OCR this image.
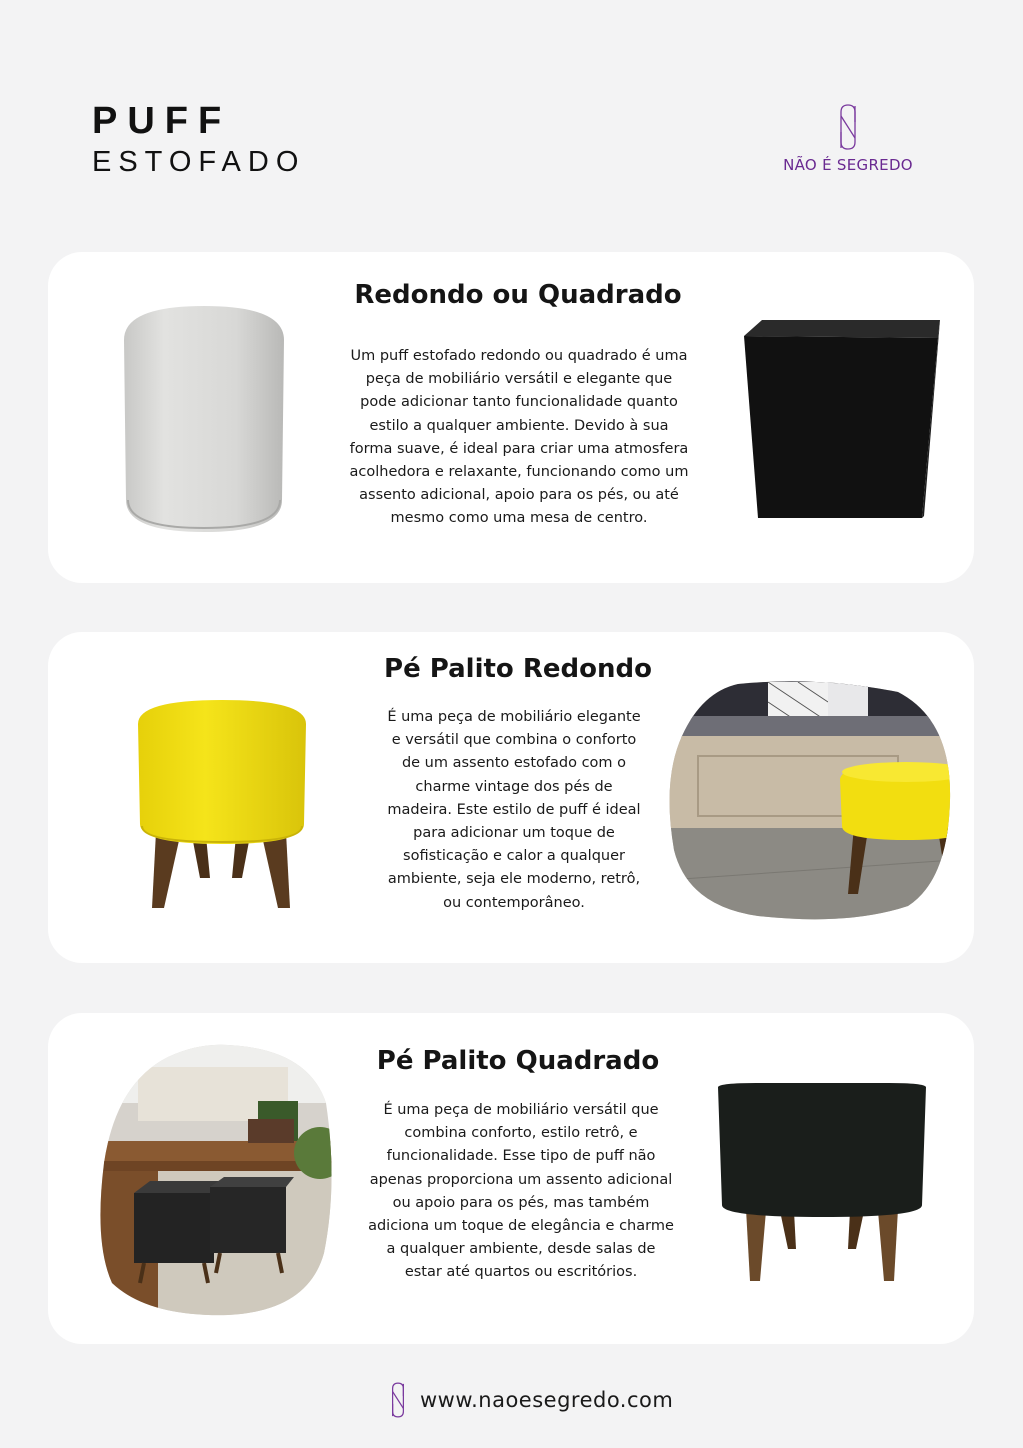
PUFF
ESTOFADO	NÃO É SEGREDO
Redondo ou Quadrado

Um puff estofado redondo ou quadrado é uma peça de mobiliário versátil e elegante que pode adicionar tanto funcionalidade quanto estilo a qualquer ambiente. Devido à sua forma suave, é ideal para criar uma atmosfera acolhedora e relaxante, funcionando como um assento adicional, apoio para os pés, ou até mesmo como uma mesa de centro.

Pé Palito Redondo

É uma peça de mobiliário elegante e versátil que combina o conforto de um assento estofado com o charme vintage dos pés de madeira. Este estilo de puff é ideal para adicionar um toque de sofisticação e calor a qualquer ambiente, seja ele moderno, retrô, ou contemporâneo.

Pé Palito Quadrado

É uma peça de mobiliário versátil que combina conforto, estilo retrô, e funcionalidade. Esse tipo de puff não apenas proporciona um assento adicional ou apoio para os pés, mas também adiciona um toque de elegância e charme a qualquer ambiente, desde salas de estar até quartos ou escritórios.

www.naoesegredo.com
